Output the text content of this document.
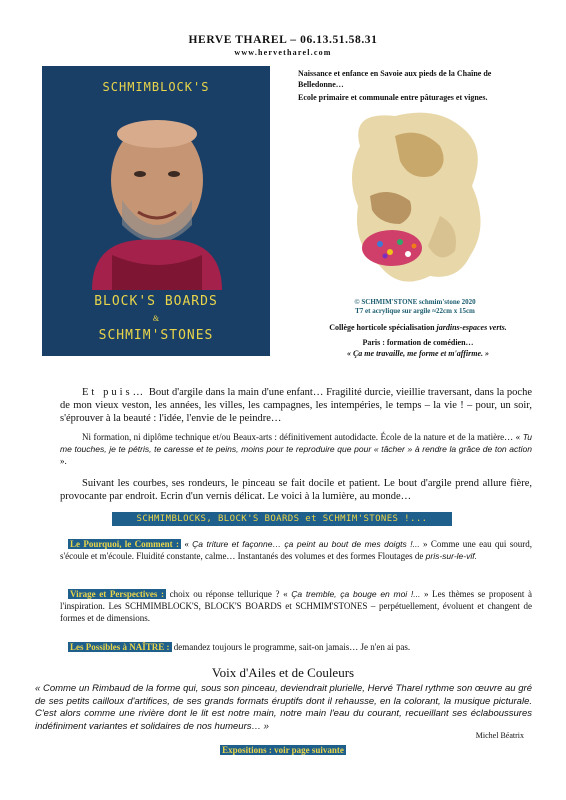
HERVE THAREL – 06.13.51.58.31
www.hervetharel.com
SCHMIMBLOCK'S
BLOCK'S BOARDS
&
SCHMIM'STONES
Naissance et enfance en Savoie aux pieds de la Chaîne de Belledonne…
Ecole primaire et communale entre pâturages et vignes.
© SCHMIM'STONE schmim'stone 2020
T7 et acrylique sur argile ≈22cm x 15cm
Collège horticole spécialisation jardins-espaces verts.
Paris : formation de comédien…
« Ça me travaille, me forme et m'affirme. »
Et puis… Bout d'argile dans la main d'une enfant… Fragilité durcie, vieillie traversant, dans la poche de mon vieux veston, les années, les villes, les campagnes, les intempéries, le temps – la vie ! – pour, un soir, s'éprouver à la beauté : l'idée, l'envie de le peindre…
Ni formation, ni diplôme technique et/ou Beaux-arts : définitivement autodidacte. École de la nature et de la matière… « Tu me touches, je te pétris, te caresse et te peins, moins pour te reproduire que pour « tâcher » à rendre la grâce de ton action ».
Suivant les courbes, ses rondeurs, le pinceau se fait docile et patient. Le bout d'argile prend allure fière, provocante par endroit. Ecrin d'un vernis délicat. Le voici à la lumière, au monde…
SCHMIMBLOCKS, BLOCK'S BOARDS et SCHMIM'STONES !...
Le Pourquoi, le Comment : « Ça triture et façonne… ça peint au bout de mes doigts !... » Comme une eau qui sourd, s'écoule et m'écoule. Fluidité constante, calme… Instantanés des volumes et des formes Floutages de pris-sur-le-vif.
Virage et Perspectives : choix ou réponse tellurique ? « Ça tremble, ça bouge en moi !... » Les thèmes se proposent à l'inspiration. Les SCHMIMBLOCK'S, BLOCK'S BOARDS et SCHMIM'STONES – perpétuellement, évoluent et changent de formes et de dimensions.
Les Possibles à NAÎTRE : demandez toujours le programme, sait-on jamais… Je n'en ai pas.
Voix d'Ailes et de Couleurs
« Comme un Rimbaud de la forme qui, sous son pinceau, deviendrait plurielle, Hervé Tharel rythme son œuvre au gré de ses petits cailloux d'artifices, de ses grands formats éruptifs dont il rehausse, en la colorant, la musique picturale. C'est alors comme une rivière dont le lit est notre main, notre main l'eau du courant, recueillant ses éclaboussures indéfiniment variantes et solidaires de nos humeurs… »
Michel Béatrix
Expositions : voir page suivante
